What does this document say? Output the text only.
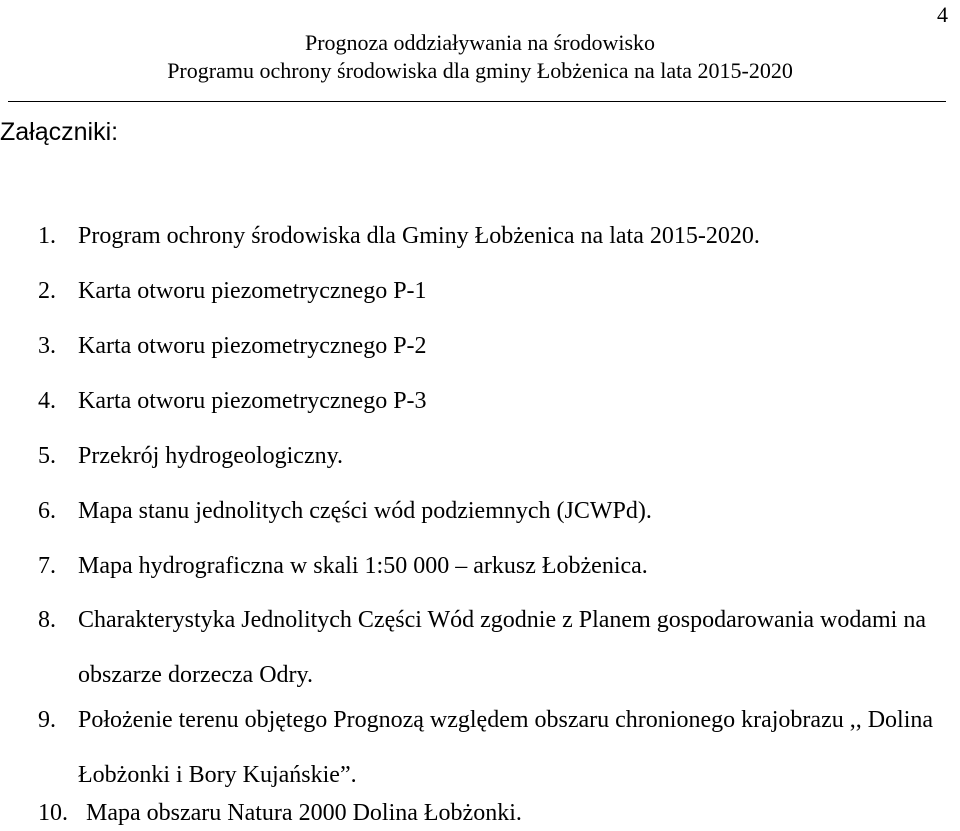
4
Prognoza oddziaływania na środowisko
Programu ochrony środowiska dla gminy Łobżenica na lata 2015-2020
Załączniki:
1. Program ochrony środowiska dla Gminy Łobżenica na lata 2015-2020.
2. Karta otworu piezometrycznego P-1
3. Karta otworu piezometrycznego P-2
4. Karta otworu piezometrycznego P-3
5. Przekrój hydrogeologiczny.
6. Mapa stanu jednolitych części wód podziemnych (JCWPd).
7. Mapa hydrograficzna w skali 1:50 000 – arkusz Łobżenica.
8. Charakterystyka Jednolitych Części Wód zgodnie z Planem gospodarowania wodami na obszarze dorzecza Odry.
9. Położenie terenu objętego Prognozą względem obszaru chronionego krajobrazu ,, Dolina Łobżonki i Bory Kujańskie”.
10. Mapa obszaru Natura 2000 Dolina Łobżonki.
